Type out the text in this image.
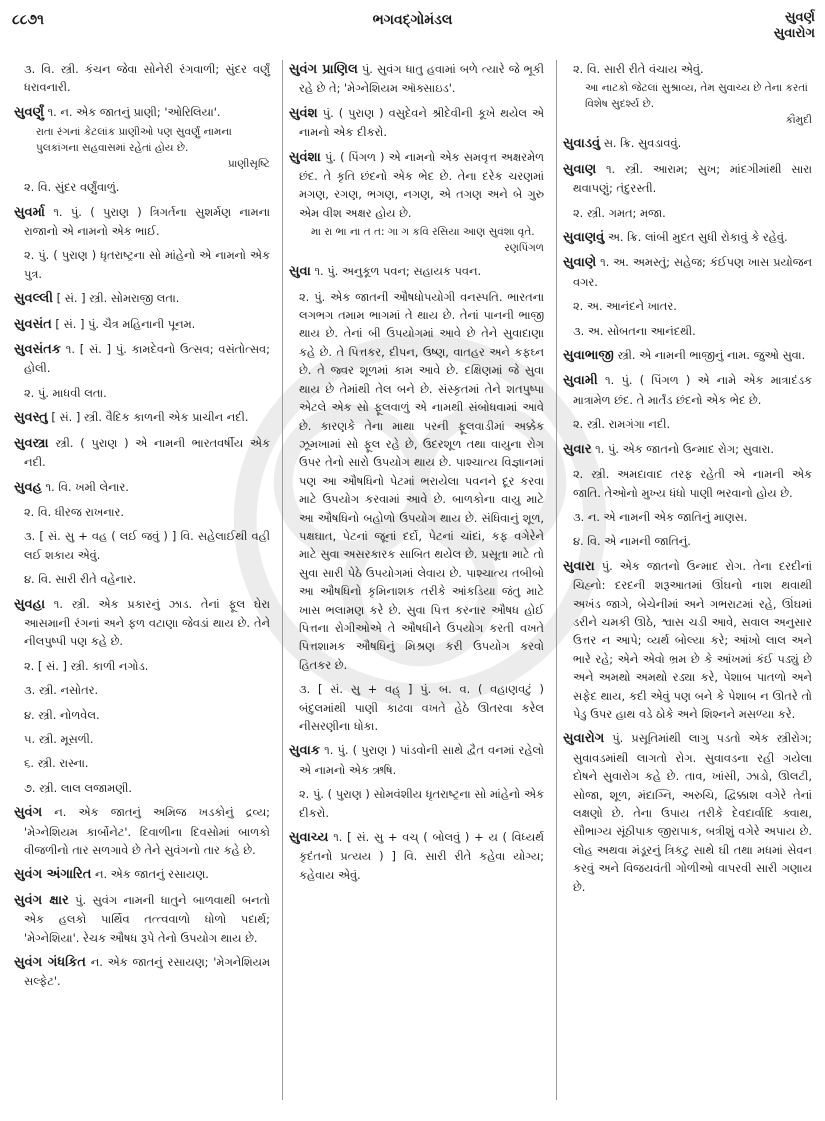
૮૮૭૧	ભગવદ્ગોમંડલ	સુવર્ણ
સુવારોગ
૩. વિ. સ્ત્રી. કંચન જેવા સોનેરી રંગવાળી; સુંદર વર્ણું ધરાવનારી.
સુવર્ણું ૧. ન. એક જાતનું પ્રાણી; 'ઓરિલિયા'.
રાતા રંગનાં કેટલાંક પ્રાણીઓ પણ સુવર્ણું નામના પુલકાંગના સહવાસમાં રહેતાં હોય છે.
પ્રાણીસૃષ્ટિ
૨. વિ. સુંદર વર્ણુંવાળું.
સુવર્મા ૧. પું. ( પુરાણ ) ત્રિગર્તના સુશર્મણ નામના રાજાનો એ નામનો એક ભાઈ.
૨. પું. ( પુરાણ ) ધૃતરાષ્ટ્રના સો માંહેનો એ નામનો એક પુત્ર.
સુવલ્લી [ સં. ] સ્ત્રી. સોમરાજી લતા.
સુવસંત [ સં. ] પું. ચૈત્ર મહિનાની પૂનમ.
સુવસંતક ૧. [ સં. ] પું. કામદેવનો ઉત્સવ; વસંતોત્સવ; હોલી.
૨. પું. માધવી લતા.
સુવસ્તુ [ સં. ] સ્ત્રી. વૈદિક કાળની એક પ્રાચીન નદી.
સુવસ્ત્રા સ્ત્રી. ( પુરાણ ) એ નામની ભારતવર્ષીય એક નદી.
સુવહ ૧. વિ. ખમી લેનાર.
૨. વિ. ધીરજ રાખનાર.
૩. [ સં. સુ + વહ ( લઈ જવું ) ] વિ. સહેલાઈથી વહી લઈ શકાય એવું.
૪. વિ. સારી રીતે વહેનાર.
સુવહા ૧. સ્ત્રી. એક પ્રકારનું ઝાડ. તેનાં ફૂલ ઘેરા આસમાની રંગનાં અને ફળ વટાણા જેવડાં થાય છે. તેને નીલપુષ્પી પણ કહે છે.
૨. [ સં. ] સ્ત્રી. કાળી નગોડ.
૩. સ્ત્રી. નસોતર.
૪. સ્ત્રી. નોળવેલ.
૫. સ્ત્રી. મૂસળી.
૬. સ્ત્રી. રાસ્ના.
૭. સ્ત્રી. લાલ લજામણી.
સુવંગ ન. એક જાતનું અમિજ ખડકોનું દ્રવ્ય; 'મેગ્નેશિયમ કાર્બોનેટ'. દિવાળીના દિવસોમાં બાળકો વીજળીનો તાર સળગાવે છે તેને સુવંગનો તાર કહે છે.
સુવંગ અંગારિત ન. એક જાતનું રસાયણ.
સુવંગ ક્ષાર પું. સુવંગ નામની ધાતુને બાળવાથી બનતો એક હલકો પાર્થિવ તત્ત્વવાળો ધોળો પદાર્થ; 'મેગ્નેશિયા'. રેચક ઔષધ રૂપે તેનો ઉપયોગ થાય છે.
સુવંગ ગંધકિત ન. એક જાતનું રસાયણ; 'મેગનેશિયમ સલ્ફેટ'.
સુવંગ પ્રાણિલ પું. સુવંગ ધાતુ હવામાં બળે ત્યારે જે ભૂકી રહે છે તે; 'મેગ્નેશિયમ ઑક્સાઇડ'.
સુવંશ પું. ( પુરાણ ) વસુદેવને શ્રીદેવીની કૂખે થયેલ એ નામનો એક દીકરો.
સુવંશા પું. ( પિંગળ ) એ નામનો એક સમવૃત્ત અક્ષરમેળ છંદ. તે કૃતિ છંદનો એક ભેદ છે. તેના દરેક ચરણમાં મગણ, રગણ, ભગણ, નગણ, એ તગણ અને બે ગુરુ એમ વીશ અક્ષર હોય છે.
મા રા ભા ના ત ત: ગા ગ કવિ રસિયા આણ સુવંશા વૃતે.
રણપિંગળ
સુવા ૧. પું. અનુકૂળ પવન; સહાયક પવન.
૨. પું. એક જાતની ઔષધોપયોગી વનસ્પતિ. ભારતના લગભગ તમામ ભાગમાં તે થાય છે. તેનાં પાનની ભાજી થાય છે. તેનાં બી ઉપયોગમાં આવે છે તેને સુવાદાણા કહે છે. તે પિત્તકર, દીપન, ઉષ્ણ, વાતહર અને કફઘ્ન છે. તે જ્વર શૂળમાં કામ આવે છે. દક્ષિણમાં જે સુવા થાય છે તેમાંથી તેલ બને છે. સંસ્કૃતમાં તેને શતપુષ્પા એટલે એક સો ફૂલવાળું એ નામથી સંબોધવામાં આવે છે. કારણકે તેના માથા પરની ફૂલવાડીમાં અક્કેક ઝૂમખામાં સો ફૂલ રહે છે, ઉદરશૂળ તથા વાયુના રોગ ઉપર તેનો સારો ઉપયોગ થાય છે. પાશ્ચાત્ય વિજ્ઞાનમાં પણ આ ઔષધિનો પેટમાં ભરાયેલા પવનને દૂર કરવા માટે ઉપયોગ કરવામાં આવે છે. બાળકોના વાયુ માટે આ ઔષધિનો બહોળો ઉપયોગ થાય છે. સંધિવાનું શૂળ, પક્ષઘાત, પેટનાં જૂનાં દર્દો, પેટનાં ચાંદાં, કફ વગેરેને માટે સુવા અસરકારક સાબિત થયેલ છે. પ્રસૂતા માટે તો સુવા સારી પેઠે ઉપયોગમાં લેવાય છે. પાશ્ચાત્ય તબીબો આ ઔષધિનો કૃમિનાશક તરીકે આંકડિયા જંતુ માટે ખાસ ભલામણ કરે છે. સુવા પિત્ત કરનાર ઔષધ હોઈ પિત્તના રોગીઓએ તે ઔષધીને ઉપયોગ કરતી વખતે પિત્તશામક ઔષધિનું મિશ્રણ કરી ઉપયોગ કરવો હિતકર છે.
૩. [ સં. સુ + વહ્ ] પું. બ. વ. ( વહાણવટું ) બંદુલમાંથી પાણી કાઢવા વખતે હેઠે ઊતરવા કરેલ નીસરણીના ધોકા.
સુવાક ૧. પું. ( પુરાણ ) પાંડવોની સાથે દ્વૈત વનમાં રહેલો એ નામનો એક ઋષિ.
૨. પું. ( પુરાણ ) સોમવંશીય ધૃતરાષ્ટ્રના સો માંહેનો એક દીકરો.
સુવાચ્ય ૧. [ સં. સુ + વચ્ ( બોલવું ) + ય ( વિધ્યર્થ કૃદંતનો પ્રત્યય ) ] વિ. સારી રીતે કહેવા યોગ્ય; કહેવાય એવું.
૨. વિ. સારી રીતે વંચાય એવું.
આ નાટકો જેટલાં સુશ્રાવ્ય, તેમ સુવાચ્ય છે તેના કરતાં વિશેષ સુદર્શ્ય છે.
કૌમુદી
સુવાડવું સ. ક્રિ. સુવડાવવું.
સુવાણ ૧. સ્ત્રી. આરામ; સુખ; માંદગીમાંથી સારા થવાપણું; તંદુરસ્તી.
૨. સ્ત્રી. ગમત; મજા.
સુવાણવું અ. ક્રિ. લાંબી મુદત સુધી રોકાવું કે રહેવું.
સુવાણે ૧. અ. અમસ્તું; સહેજ; કંઈપણ ખાસ પ્રયોજન વગર.
૨. અ. આનંદને ખાતર.
૩. અ. સોબતના આનંદથી.
સુવાભાજી સ્ત્રી. એ નામની ભાજીનું નામ. જુઓ સુવા.
સુવામી ૧. પું. ( પિંગળ ) એ નામે એક માત્રાદંડક માત્રામેળ છંદ. તે માર્તંડ છંદનો એક ભેદ છે.
૨. સ્ત્રી. રામગંગા નદી.
સુવાર ૧. પું. એક જાતનો ઉન્માદ રોગ; સુવારા.
૨. સ્ત્રી. અમદાવાદ તરફ રહેતી એ નામની એક જાતિ. તેઓનો મુખ્ય ધંધો પાણી ભરવાનો હોય છે.
૩. ન. એ નામની એક જાતિનું માણસ.
૪. વિ. એ નામની જાતિનું.
સુવારા પું. એક જાતનો ઉન્માદ રોગ. તેના દરદીનાં ચિહ્નો: દરદની શરૂઆતમાં ઊંઘનો નાશ થવાથી અખંડ જાગે, બેચેનીમાં અને ગભરાટમાં રહે, ઊંઘમાં ડરીને ચમકી ઊઠે, શ્વાસ ચડી આવે, સવાલ અનુસાર ઉત્તર ન આપે; વ્યર્થ બોલ્યા કરે; આંખો લાલ અને ભારે રહે; એને એવો ભ્રમ છે કે આંખમાં કંઈ પડ્યું છે અને અમથો અમથો રડ્યા કરે, પેશાબ પાતળો અને સફેદ થાય, કદી એવું પણ બને કે પેશાબ ન ઊતરે તો પેડુ ઉપર હાથ વડે ઠોકે અને શિશ્નને મસળ્યા કરે.
સુવારોગ પું. પ્રસૂતિમાંથી લાગુ પડતો એક સ્ત્રીરોગ; સુવાવડમાંથી લાગતો રોગ. સુવાવડના રહી ગયેલા દોષને સુવારોગ કહે છે. તાવ, ખાંસી, ઝાડો, ઊલટી, સોજા, શૂળ, મંદાગ્નિ, અરુચિ, દ્વિક્કાશ વગેરે તેનાં લક્ષણો છે. તેના ઉપાય તરીકે દેવદાર્વાદિ ક્વાથ, સૌભાગ્ય સૂંઠીપાક જીરાપાક, બત્રીશું વગેરે અપાય છે. લોહ અથવા મંડૂરનું ત્રિકટુ સાથે ઘી તથા મધમાં સેવન કરવું અને વિજયવંતી ગોળીઓ વાપરવી સારી ગણાય છે.
